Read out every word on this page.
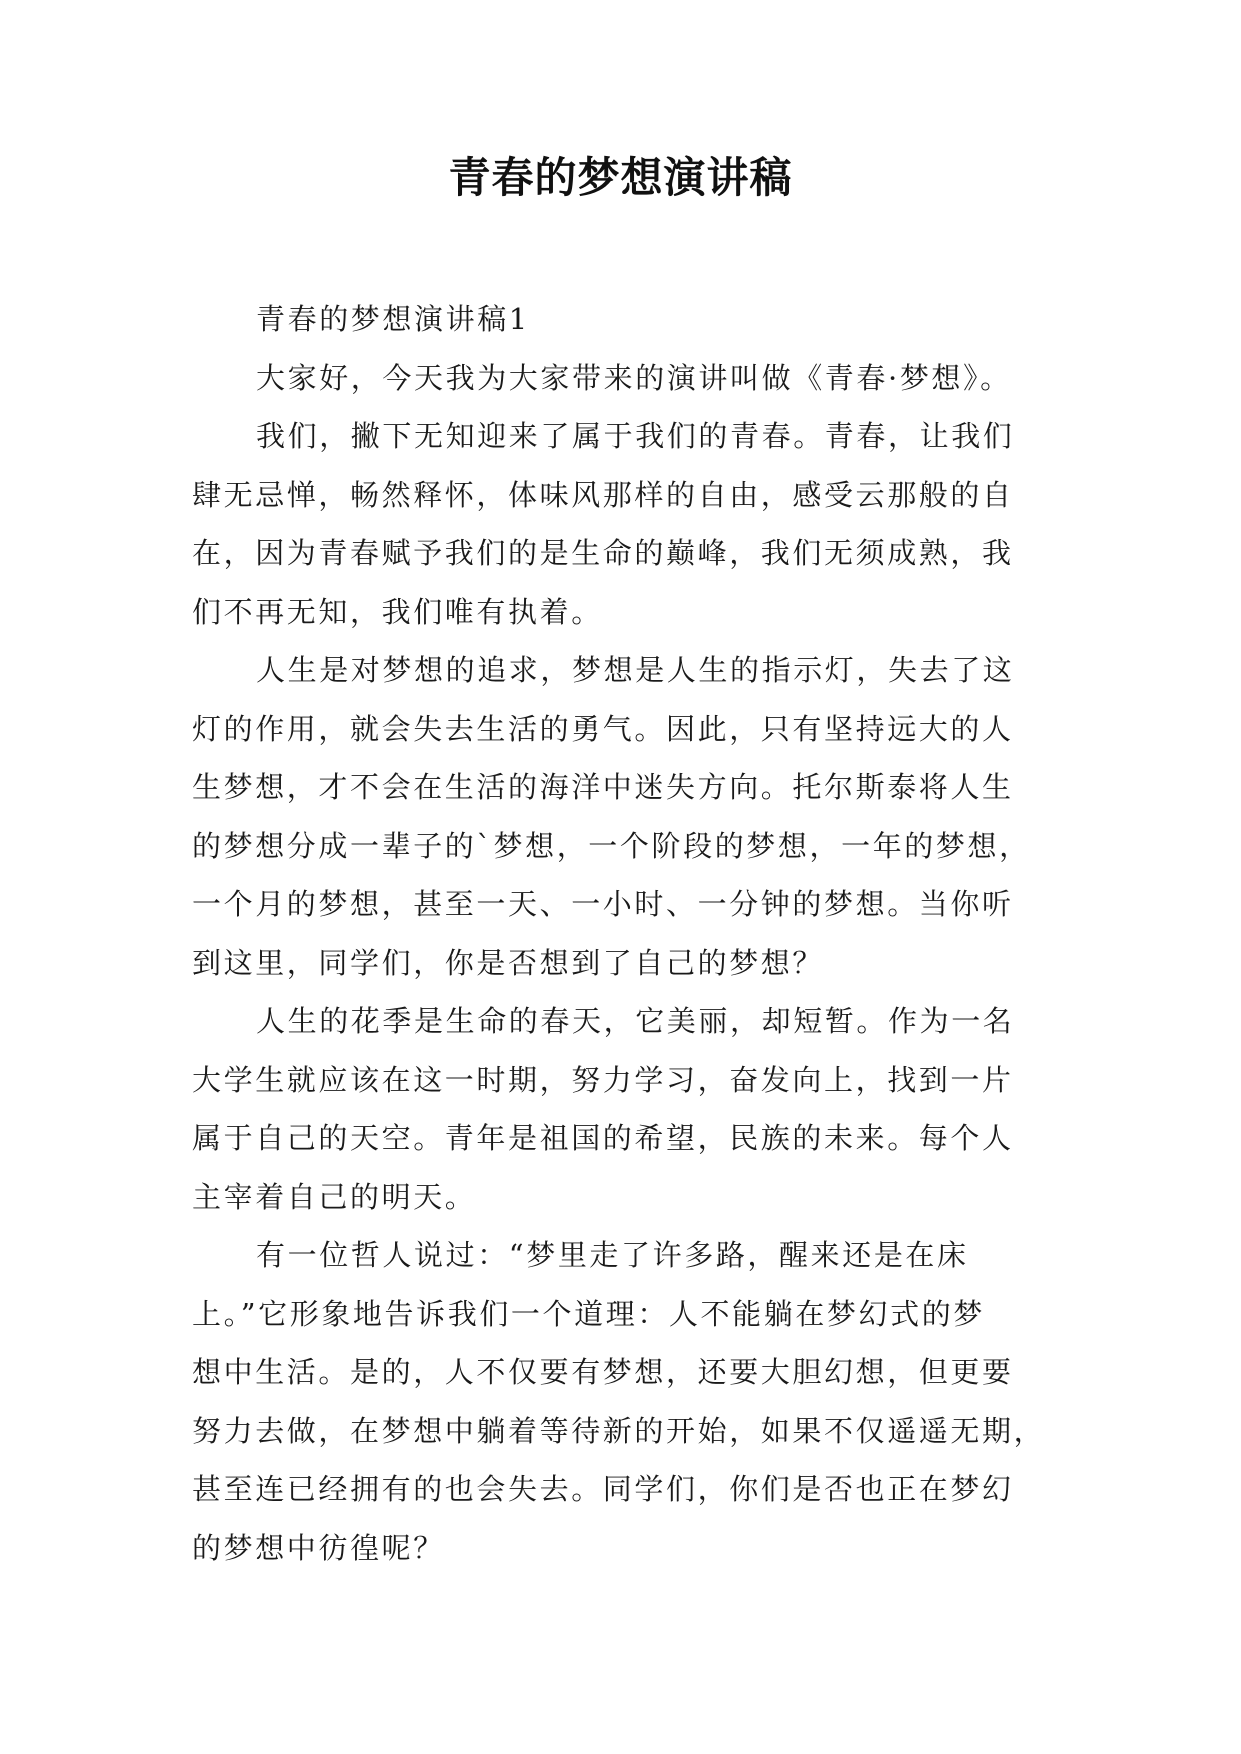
青春的梦想演讲稿
青春的梦想演讲稿1
大家好，今天我为大家带来的演讲叫做《青春·梦想》。
我们，撇下无知迎来了属于我们的青春。青春，让我们
肆无忌惮，畅然释怀，体味风那样的自由，感受云那般的自
在，因为青春赋予我们的是生命的巅峰，我们无须成熟，我
们不再无知，我们唯有执着。
人生是对梦想的追求，梦想是人生的指示灯，失去了这
灯的作用，就会失去生活的勇气。因此，只有坚持远大的人
生梦想，才不会在生活的海洋中迷失方向。托尔斯泰将人生
的梦想分成一辈子的`梦想，一个阶段的梦想，一年的梦想，
一个月的梦想，甚至一天、一小时、一分钟的梦想。当你听
到这里，同学们，你是否想到了自己的梦想？
人生的花季是生命的春天，它美丽，却短暂。作为一名
大学生就应该在这一时期，努力学习，奋发向上，找到一片
属于自己的天空。青年是祖国的希望，民族的未来。每个人
主宰着自己的明天。
有一位哲人说过：“梦里走了许多路，醒来还是在床
上。”它形象地告诉我们一个道理：人不能躺在梦幻式的梦
想中生活。是的，人不仅要有梦想，还要大胆幻想，但更要
努力去做，在梦想中躺着等待新的开始，如果不仅遥遥无期，
甚至连已经拥有的也会失去。同学们，你们是否也正在梦幻
的梦想中彷徨呢？
